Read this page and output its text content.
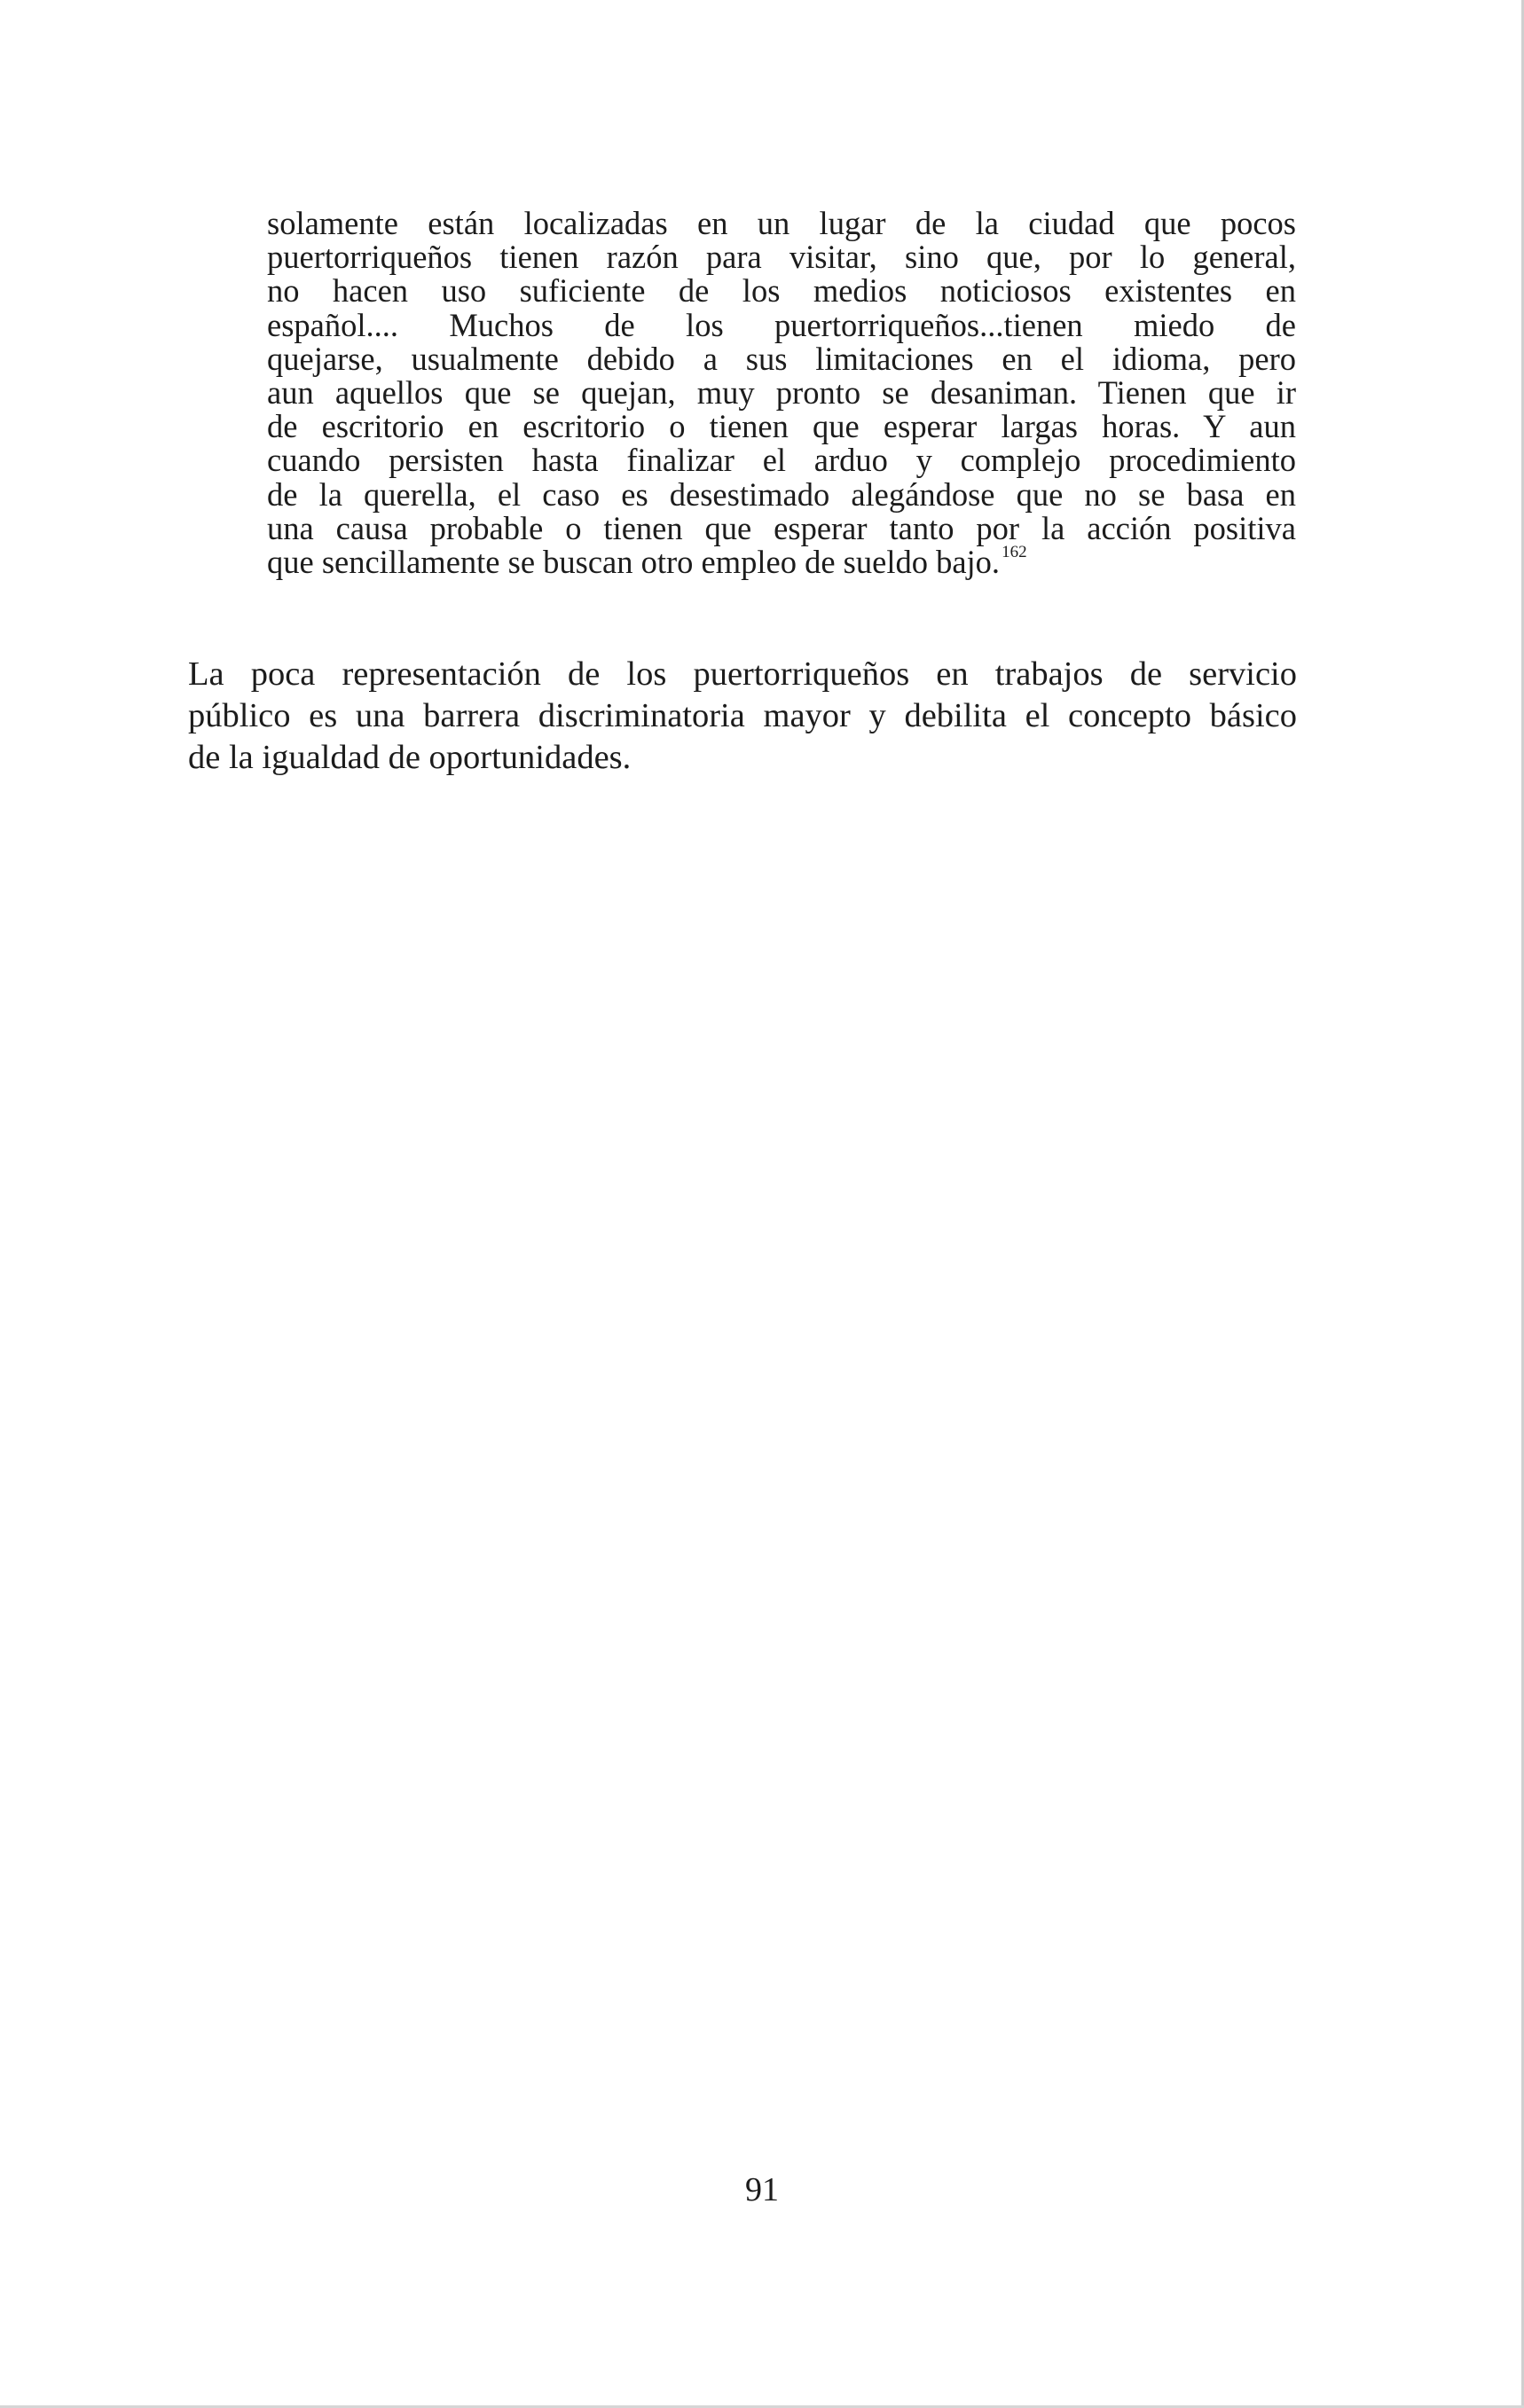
solamente están localizadas en un lugar de la ciudad que pocos
puertorriqueños tienen razón para visitar, sino que, por lo general,
no hacen uso suficiente de los medios noticiosos existentes en
español.... Muchos de los puertorriqueños...tienen miedo de
quejarse, usualmente debido a sus limitaciones en el idioma, pero
aun aquellos que se quejan, muy pronto se desaniman. Tienen que ir
de escritorio en escritorio o tienen que esperar largas horas. Y aun
cuando persisten hasta finalizar el arduo y complejo procedimiento
de la querella, el caso es desestimado alegándose que no se basa en
una causa probable o tienen que esperar tanto por la acción positiva
que sencillamente se buscan otro empleo de sueldo bajo. $^{162}$
La poca representación de los puertorriqueños en trabajos de servicio
público es una barrera discriminatoria mayor y debilita el concepto básico
de la igualdad de oportunidades.
91
